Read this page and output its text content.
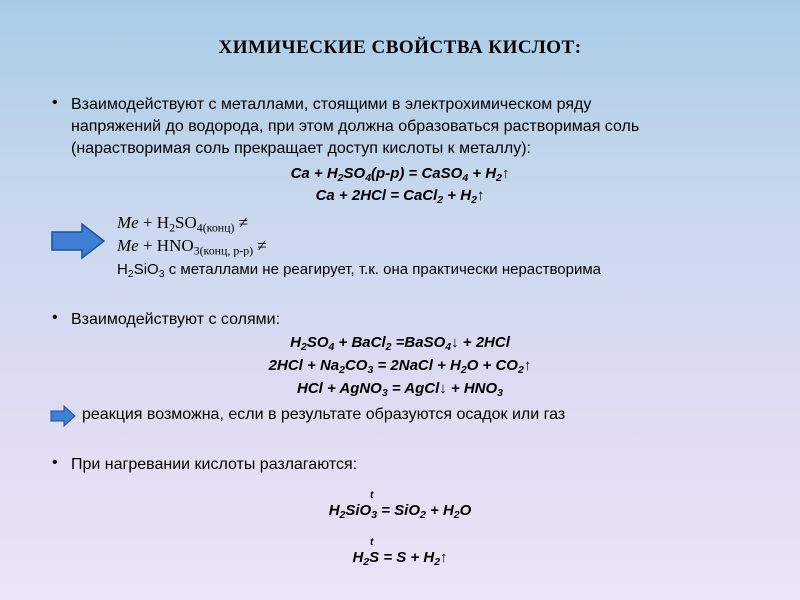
ХИМИЧЕСКИЕ СВОЙСТВА КИСЛОТ:
• Взаимодействуют с металлами, стоящими в электрохимическом ряду
напряжений до водорода, при этом должна образоваться растворимая соль
(нарастворимая соль прекращает доступ кислоты к металлу):
$Ca + H_2SO_4(р-р)$ = CaSO$_4$ + $H_2↑$
Ca + 2HCl = CaCl$_2$ + $H_2↑$
$Me + H_2SO_{4(конц)}$ ≠
$Me + HNO_{3(конц, р-р)}$ ≠
$H_2SiO_3$ с металлами не реагирует, т.к. она практически нерастворима
• Взаимодействуют с солями:
$H_2SO_4$ + BaCl$_2$ =BaSO$_4$↓ + 2HCl
$2HCl + Na_2CO_3$ = 2NaCl + $H_2O$ + $CO_2↑$
HCl + AgNO$_3$ = AgCl↓ + $HNO_3$
реакция возможна, если в результате образуются осадок или газ
• При нагревании кислоты разлагаются:
t
$H_2SiO_3 = SiO_2 + H_2O$
t
$H_2S = S$ + $H_2↑$
